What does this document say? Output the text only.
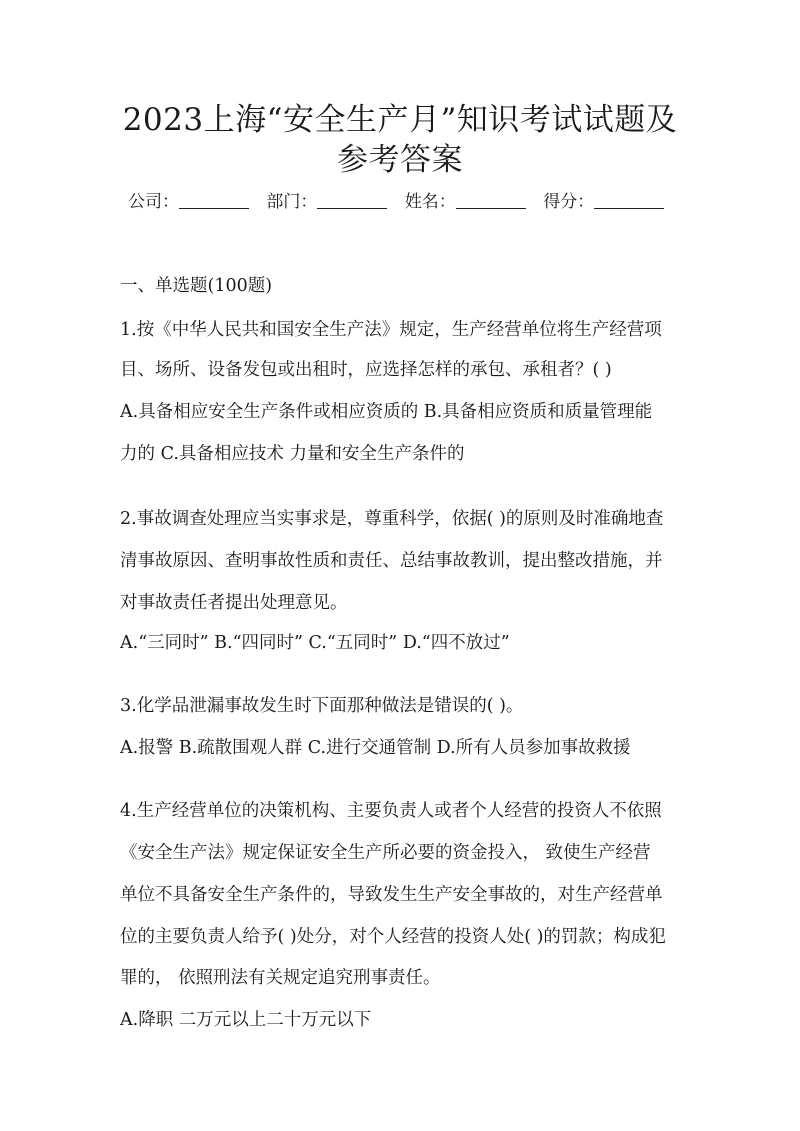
2023上海“安全生产月”知识考试试题及
参考答案
公司：	部门：	姓名：	得分：
一、单选题(100题)
1.按《中华人民共和国安全生产法》规定，生产经营单位将生产经营项
目、场所、设备发包或出租时，应选择怎样的承包、承租者？( )
A.具备相应安全生产条件或相应资质的 B.具备相应资质和质量管理能
力的 C.具备相应技术 力量和安全生产条件的
2.事故调查处理应当实事求是，尊重科学，依据( )的原则及时准确地查
清事故原因、查明事故性质和责任、总结事故教训，提出整改措施，并
对事故责任者提出处理意见。
A.“三同时” B.“四同时” C.“五同时” D.“四不放过”
3.化学品泄漏事故发生时下面那种做法是错误的( )。
A.报警 B.疏散围观人群 C.进行交通管制 D.所有人员参加事故救援
4.生产经营单位的决策机构、主要负责人或者个人经营的投资人不依照
《安全生产法》规定保证安全生产所必要的资金投入， 致使生产经营
单位不具备安全生产条件的，导致发生生产安全事故的，对生产经营单
位的主要负责人给予( )处分，对个人经营的投资人处( )的罚款；构成犯
罪的， 依照刑法有关规定追究刑事责任。
A.降职 二万元以上二十万元以下
